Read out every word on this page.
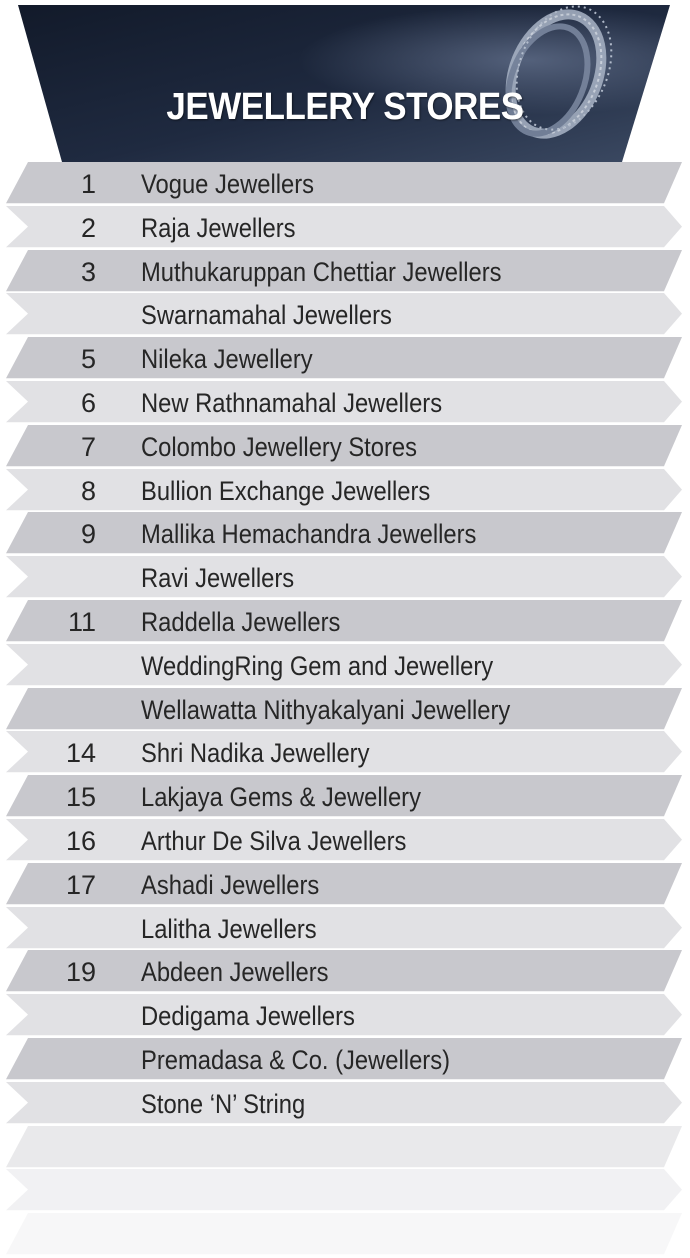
JEWELLERY STORES
1 Vogue Jewellers
2 Raja Jewellers
3 Muthukaruppan Chettiar Jewellers
Swarnamahal Jewellers
5 Nileka Jewellery
6 New Rathnamahal Jewellers
7 Colombo Jewellery Stores
8 Bullion Exchange Jewellers
9 Mallika Hemachandra Jewellers
Ravi Jewellers
11 Raddella Jewellers
WeddingRing Gem and Jewellery
Wellawatta Nithyakalyani Jewellery
14 Shri Nadika Jewellery
15 Lakjaya Gems & Jewellery
16 Arthur De Silva Jewellers
17 Ashadi Jewellers
Lalitha Jewellers
19 Abdeen Jewellers
Dedigama Jewellers
Premadasa & Co. (Jewellers)
Stone ‘N’ String
